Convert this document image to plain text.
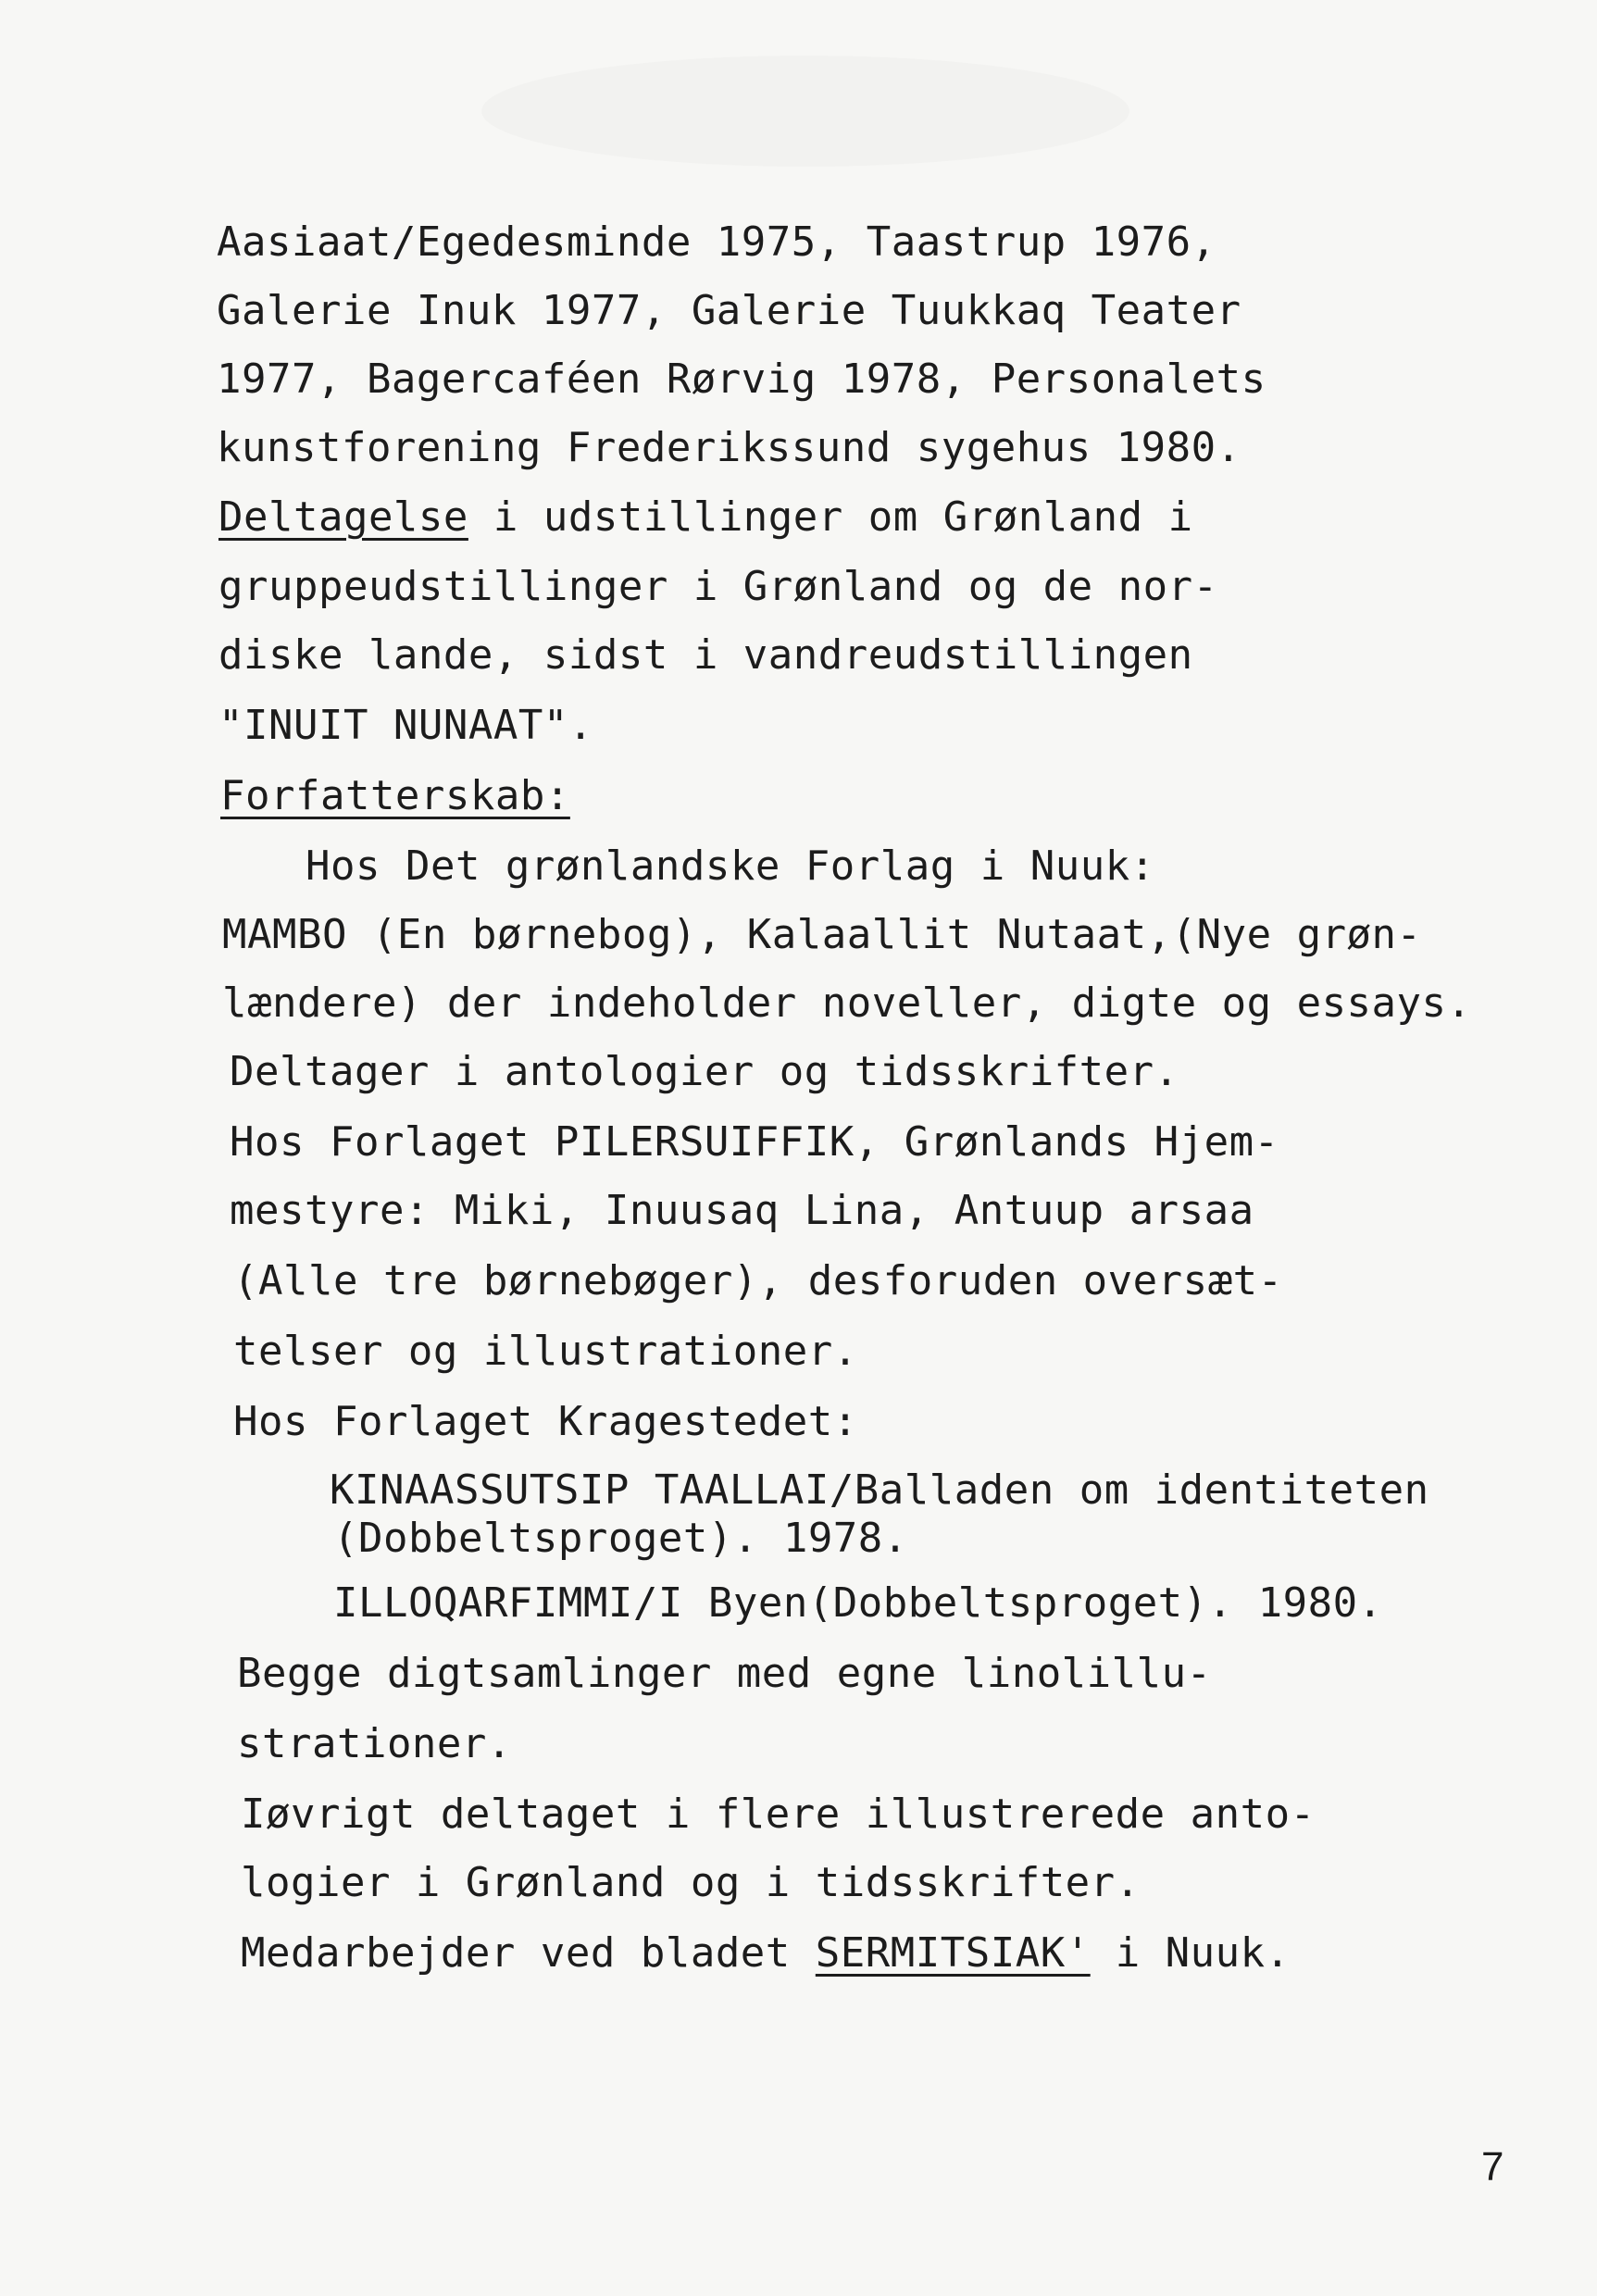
Aasiaat/Egedesminde 1975, Taastrup 1976,
Galerie Inuk 1977, Galerie Tuukkaq Teater
1977, Bagercaféen Rørvig 1978, Personalets
kunstforening Frederikssund sygehus 1980.
Deltagelse i udstillinger om Grønland i
gruppeudstillinger i Grønland og de nor-
diske lande, sidst i vandreudstillingen
"INUIT NUNAAT".
Forfatterskab:
Hos Det grønlandske Forlag i Nuuk:
MAMBO (En børnebog), Kalaallit Nutaat,(Nye grøn-
lændere) der indeholder noveller, digte og essays.
Deltager i antologier og tidsskrifter.
Hos Forlaget PILERSUIFFIK, Grønlands Hjem-
mestyre: Miki, Inuusaq Lina, Antuup arsaa
(Alle tre børnebøger), desforuden oversæt-
telser og illustrationer.
Hos Forlaget Kragestedet:
KINAASSUTSIP TAALLAI/Balladen om identiteten
(Dobbeltsproget). 1978.
ILLOQARFIMMI/I Byen(Dobbeltsproget). 1980.
Begge digtsamlinger med egne linolillu-
strationer.
Iøvrigt deltaget i flere illustrerede anto-
logier i Grønland og i tidsskrifter.
Medarbejder ved bladet SERMITSIAK' i Nuuk.
7
